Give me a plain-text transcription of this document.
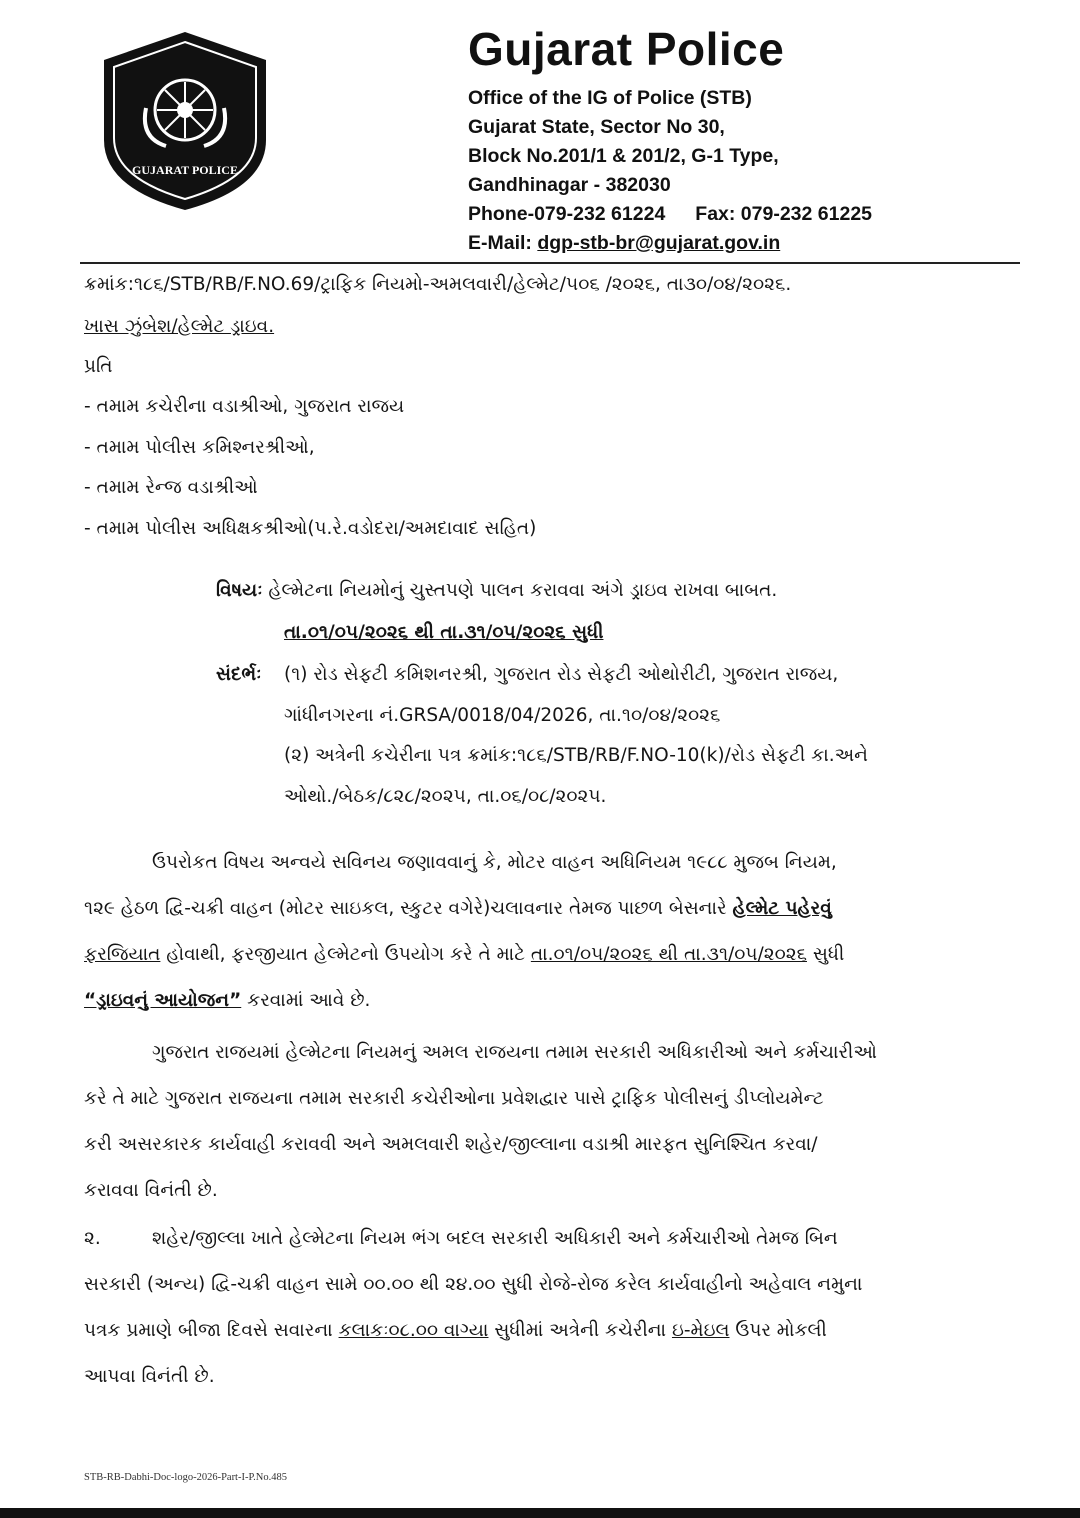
GUJARAT POLICE
Gujarat Police
Office of the IG of Police (STB)
Gujarat State, Sector No 30,
Block No.201/1 & 201/2, G-1 Type,
Gandhinagar - 382030
Phone-079-232 61224 Fax: 079-232 61225
E-Mail: dgp-stb-br@gujarat.gov.in
ક્રમાંક:૧૮૬/STB/RB/F.NO.69/ટ્રાફિક નિયમો-અમલવારી/હેલ્મેટ/૫૦૬ /૨૦૨૬, તા૩૦/૦૪/૨૦૨૬.
ખાસ ઝુંબેશ/હેલ્મેટ ડ્રાઇવ.
પ્રતિ
- તમામ કચેરીના વડાશ્રીઓ, ગુજરાત રાજય
- તમામ પોલીસ કમિશ્નરશ્રીઓ,
- તમામ રેન્જ વડાશ્રીઓ
- તમામ પોલીસ અધિક્ષકશ્રીઓ(પ.રે.વડોદરા/અમદાવાદ સહિત)
વિષયઃ હેલ્મેટના નિયમોનું ચુસ્તપણે પાલન કરાવવા અંગે ડ્રાઇવ રાખવા બાબત.
તા.૦૧/૦૫/૨૦૨૬ થી તા.૩૧/૦૫/૨૦૨૬ સુધી
સંદર્ભઃ (૧) રોડ સેફટી કમિશનરશ્રી, ગુજરાત રોડ સેફટી ઓથોરીટી, ગુજરાત રાજય,
ગાંધીનગરના નં.GRSA/0018/04/2026, તા.૧૦/૦૪/૨૦૨૬
(૨) અત્રેની કચેરીના પત્ર ક્રમાંક:૧૮૬/STB/RB/F.NO-10(k)/રોડ સેફટી કા.અને
ઓથો./બેઠક/૮૨૮/૨૦૨૫, તા.૦૬/૦૮/૨૦૨૫.
ઉપરોકત વિષય અન્વયે સવિનય જણાવવાનું કે, મોટર વાહન અધિનિયમ ૧૯૮૮ મુજબ નિયમ,
૧૨૯ હેઠળ દ્વિ-ચક્રી વાહન (મોટર સાઇકલ, સ્કુટર વગેરે)ચલાવનાર તેમજ પાછળ બેસનારે હેલ્મેટ પહેરવું
ફરજિયાત હોવાથી, ફરજીયાત હેલ્મેટનો ઉપયોગ કરે તે માટે તા.૦૧/૦૫/૨૦૨૬ થી તા.૩૧/૦૫/૨૦૨૬ સુધી
“ડ્રાઇવનું આયોજન” કરવામાં આવે છે.
ગુજરાત રાજયમાં હેલ્મેટના નિયમનું અમલ રાજયના તમામ સરકારી અધિકારીઓ અને કર્મચારીઓ
કરે તે માટે ગુજરાત રાજયના તમામ સરકારી કચેરીઓના પ્રવેશદ્વાર પાસે ટ્રાફિક પોલીસનું ડીપ્લોયમેન્ટ
કરી અસરકારક કાર્યવાહી કરાવવી અને અમલવારી શહેર/જીલ્લાના વડાશ્રી મારફત સુનિશ્ચિત કરવા/
કરાવવા વિનંતી છે.
૨.	શહેર/જીલ્લા ખાતે હેલ્મેટના નિયમ ભંગ બદલ સરકારી અધિકારી અને કર્મચારીઓ તેમજ બિન
સરકારી (અન્ય) દ્વિ-ચક્રી વાહન સામે ૦૦.૦૦ થી ૨૪.૦૦ સુધી રોજે-રોજ કરેલ કાર્યવાહીનો અહેવાલ નમુના
પત્રક પ્રમાણે બીજા દિવસે સવારના કલાકઃ૦૮.૦૦ વાગ્યા સુધીમાં અત્રેની કચેરીના ઇ-મેઇલ ઉપર મોકલી
આપવા વિનંતી છે.
STB-RB-Dabhi-Doc-logo-2026-Part-I-P.No.485
